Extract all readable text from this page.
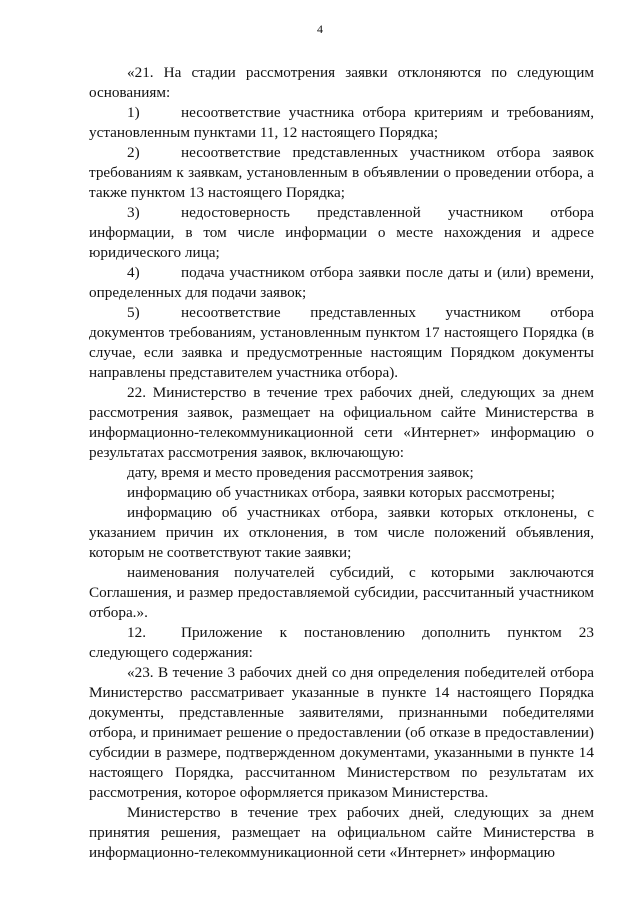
4

«21. На стадии рассмотрения заявки отклоняются по следующим основаниям:

1)	несоответствие участника отбора критериям и требованиям, установленным пунктами 11, 12 настоящего Порядка;

2)	несоответствие представленных участником отбора заявок требованиям к заявкам, установленным в объявлении о проведении отбора, а также пунктом 13 настоящего Порядка;

3)	недостоверность представленной участником отбора информации, в том числе информации о месте нахождения и адресе юридического лица;

4)	подача участником отбора заявки после даты и (или) времени, определенных для подачи заявок;

5)	несоответствие представленных участником отбора документов требованиям, установленным пунктом 17 настоящего Порядка (в случае, если заявка и предусмотренные настоящим Порядком документы направлены представителем участника отбора).

22. Министерство в течение трех рабочих дней, следующих за днем рассмотрения заявок, размещает на официальном сайте Министерства в информационно-телекоммуникационной сети «Интернет» информацию о результатах рассмотрения заявок, включающую:

дату, время и место проведения рассмотрения заявок;

информацию об участниках отбора, заявки которых рассмотрены;

информацию об участниках отбора, заявки которых отклонены, с указанием причин их отклонения, в том числе положений объявления, которым не соответствуют такие заявки;

наименования получателей субсидий, с которыми заключаются Соглашения, и размер предоставляемой субсидии, рассчитанный участником отбора.».

12. Приложение к постановлению дополнить пунктом 23 следующего содержания:

«23. В течение 3 рабочих дней со дня определения победителей отбора Министерство рассматривает указанные в пункте 14 настоящего Порядка документы, представленные заявителями, признанными победителями отбора, и принимает решение о предоставлении (об отказе в предоставлении) субсидии в размере, подтвержденном документами, указанными в пункте 14 настоящего Порядка, рассчитанном Министерством по результатам их рассмотрения, которое оформляется приказом Министерства.

Министерство в течение трех рабочих дней, следующих за днем принятия решения, размещает на официальном сайте Министерства в информационно-телекоммуникационной сети «Интернет» информацию
